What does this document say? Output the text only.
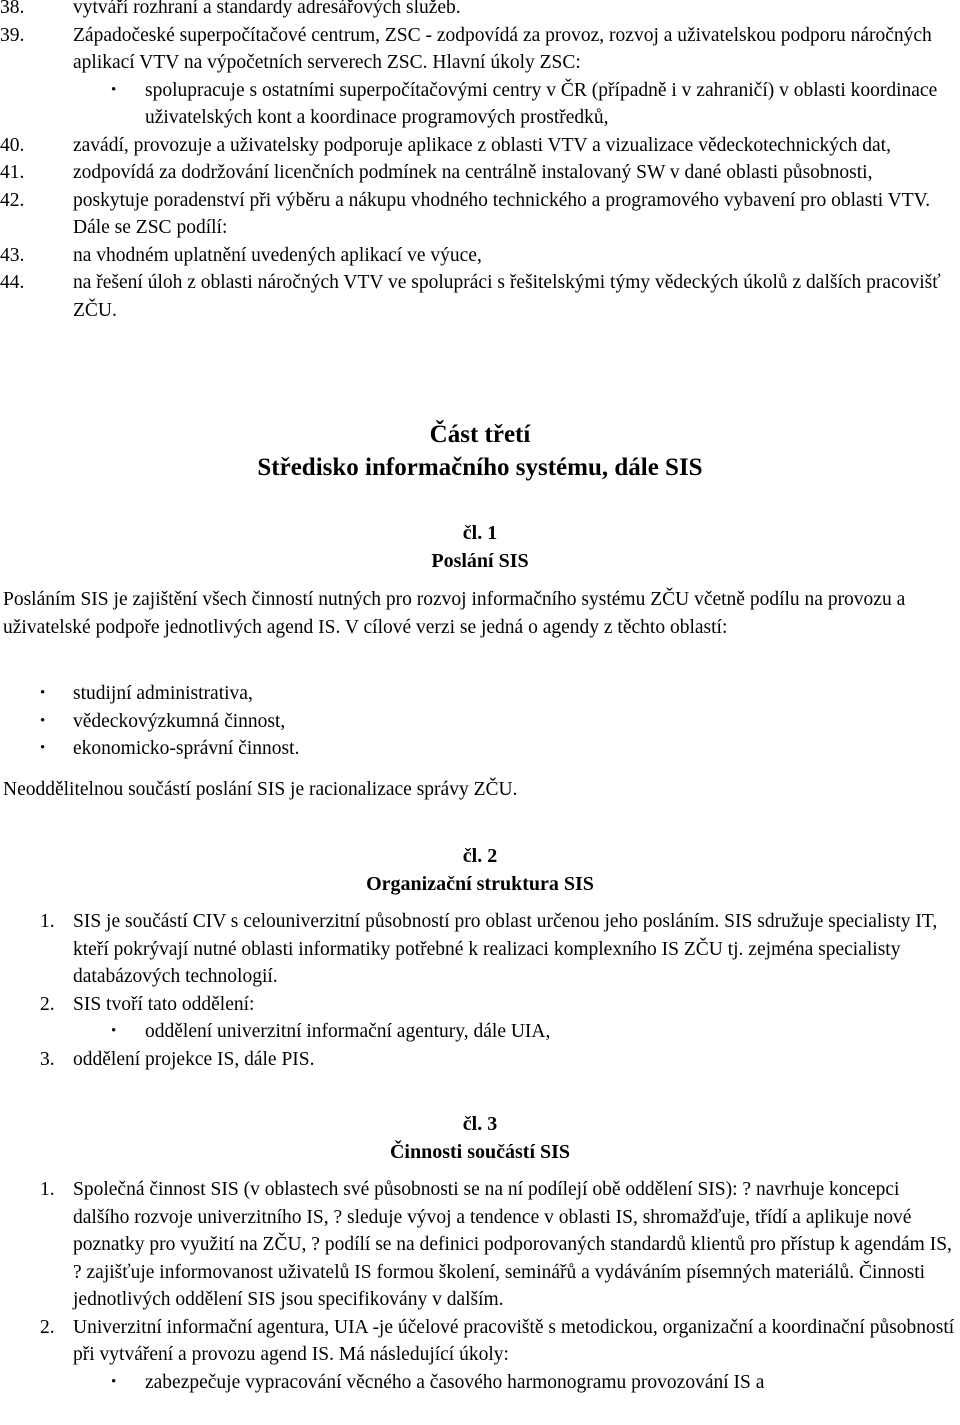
38.	vytváří rozhraní a standardy adresářových služeb.
39.	Západočeské superpočítačové centrum, ZSC - zodpovídá za provoz, rozvoj a uživatelskou podporu náročných aplikací VTV na výpočetních serverech ZSC. Hlavní úkoly ZSC:
• spolupracuje s ostatními superpočítačovými centry v ČR (případně i v zahraničí) v oblasti koordinace uživatelských kont a koordinace programových prostředků,
40.	zavádí, provozuje a uživatelsky podporuje aplikace z oblasti VTV a vizualizace vědeckotechnických dat,
41.	zodpovídá za dodržování licenčních podmínek na centrálně instalovaný SW v dané oblasti působnosti,
42.	poskytuje poradenství při výběru a nákupu vhodného technického a programového vybavení pro oblasti VTV. Dále se ZSC podílí:
43.	na vhodném uplatnění uvedených aplikací ve výuce,
44.	na řešení úloh z oblasti náročných VTV ve spolupráci s řešitelskými týmy vědeckých úkolů z dalších pracovišť ZČU.
Část třetí
Středisko informačního systému, dále SIS
čl. 1
Poslání SIS

Posláním SIS je zajištění všech činností nutných pro rozvoj informačního systému ZČU včetně podílu na provozu a uživatelské podpoře jednotlivých agend IS. V cílové verzi se jedná o agendy z těchto oblastí:

• studijní administrativa,
• vědeckovýzkumná činnost,
• ekonomicko-správní činnost.

Neoddělitelnou součástí poslání SIS je racionalizace správy ZČU.

čl. 2
Organizační struktura SIS
1. SIS je součástí CIV s celouniverzitní působností pro oblast určenou jeho posláním. SIS sdružuje specialisty IT, kteří pokrývají nutné oblasti informatiky potřebné k realizaci komplexního IS ZČU tj. zejména specialisty databázových technologií.
2. SIS tvoří tato oddělení:
• oddělení univerzitní informační agentury, dále UIA,
3. oddělení projekce IS, dále PIS.
čl. 3
Činnosti součástí SIS
1. Společná činnost SIS (v oblastech své působnosti se na ní podílejí obě oddělení SIS): ? navrhuje koncepci dalšího rozvoje univerzitního IS, ? sleduje vývoj a tendence v oblasti IS, shromažďuje, třídí a aplikuje nové poznatky pro využití na ZČU, ? podílí se na definici podporovaných standardů klientů pro přístup k agendám IS, ? zajišťuje informovanost uživatelů IS formou školení, seminářů a vydáváním písemných materiálů. Činnosti jednotlivých oddělení SIS jsou specifikovány v dalším.
2. Univerzitní informační agentura, UIA -je účelové pracoviště s metodickou, organizační a koordinační působností při vytváření a provozu agend IS. Má následující úkoly:
• zabezpečuje vypracování věcného a časového harmonogramu provozování IS a
